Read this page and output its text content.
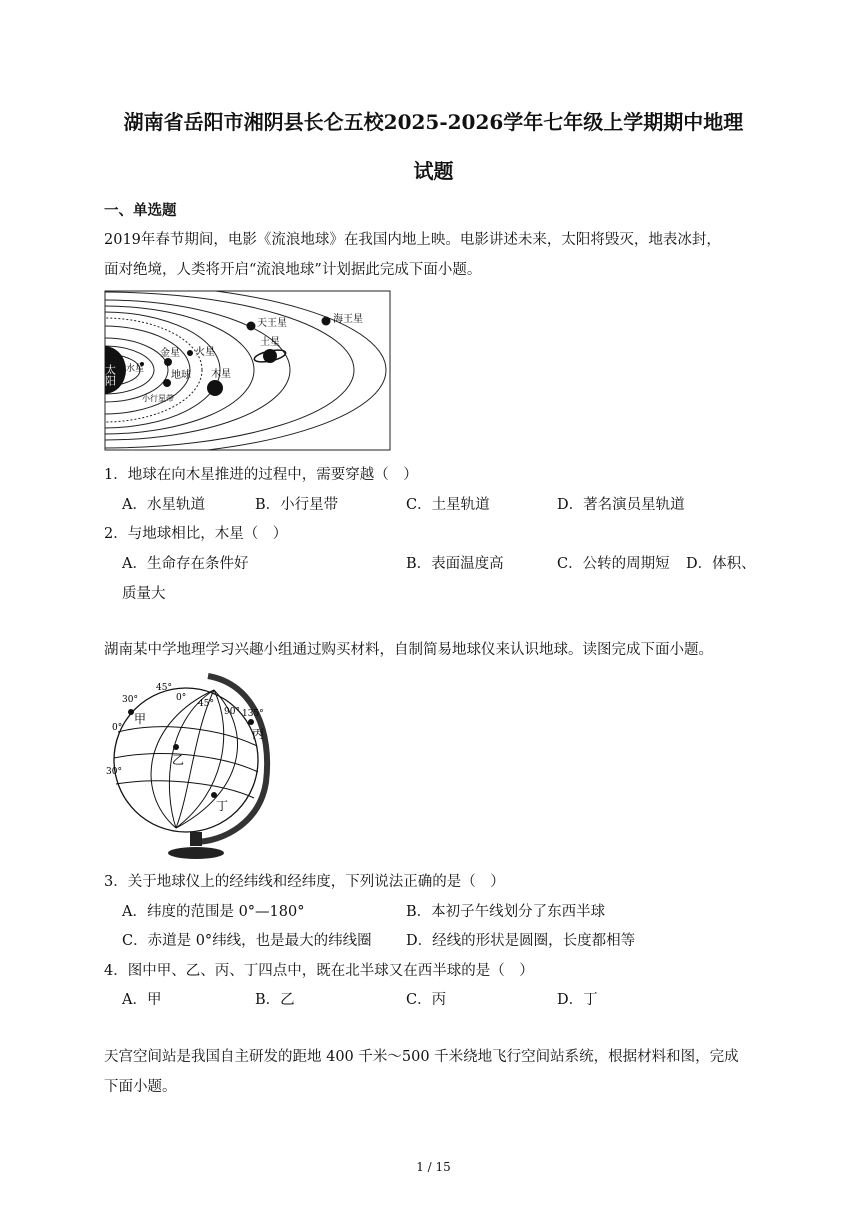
湖南省岳阳市湘阴县长仑五校2025-2026学年七年级上学期期中地理
试题
一、单选题
2019年春节期间，电影《流浪地球》在我国内地上映。电影讲述未来，太阳将毁灭，地表冰封，
面对绝境，人类将开启“流浪地球”计划据此完成下面小题。
太阳 水星
金星
地球
火星
小行星带
木星
土星
天王星	海王星
1．地球在向木星推进的过程中，需要穿越（　）
A．水星轨道	B．小行星带	C．土星轨道	D．著名演员星轨道
2．与地球相比，木星（　）
A．生命存在条件好	B．表面温度高	C．公转的周期短 D．体积、
质量大
湖南某中学地理学习兴趣小组通过购买材料，自制简易地球仪来认识地球。读图完成下面小题。
30°
0°
30°
45°
0°
45°
90° 135°
甲
丙
乙
丁
3．关于地球仪上的经纬线和经纬度，下列说法正确的是（　）
A．纬度的范围是 0°—180°	B．本初子午线划分了东西半球
C．赤道是 0°纬线，也是最大的纬线圈 D．经线的形状是圆圈，长度都相等
4．图中甲、乙、丙、丁四点中，既在北半球又在西半球的是（　）
A．甲	B．乙	C．丙	D．丁
天宫空间站是我国自主研发的距地 400 千米～500 千米绕地飞行空间站系统，根据材料和图，完成
下面小题。
1 / 15
